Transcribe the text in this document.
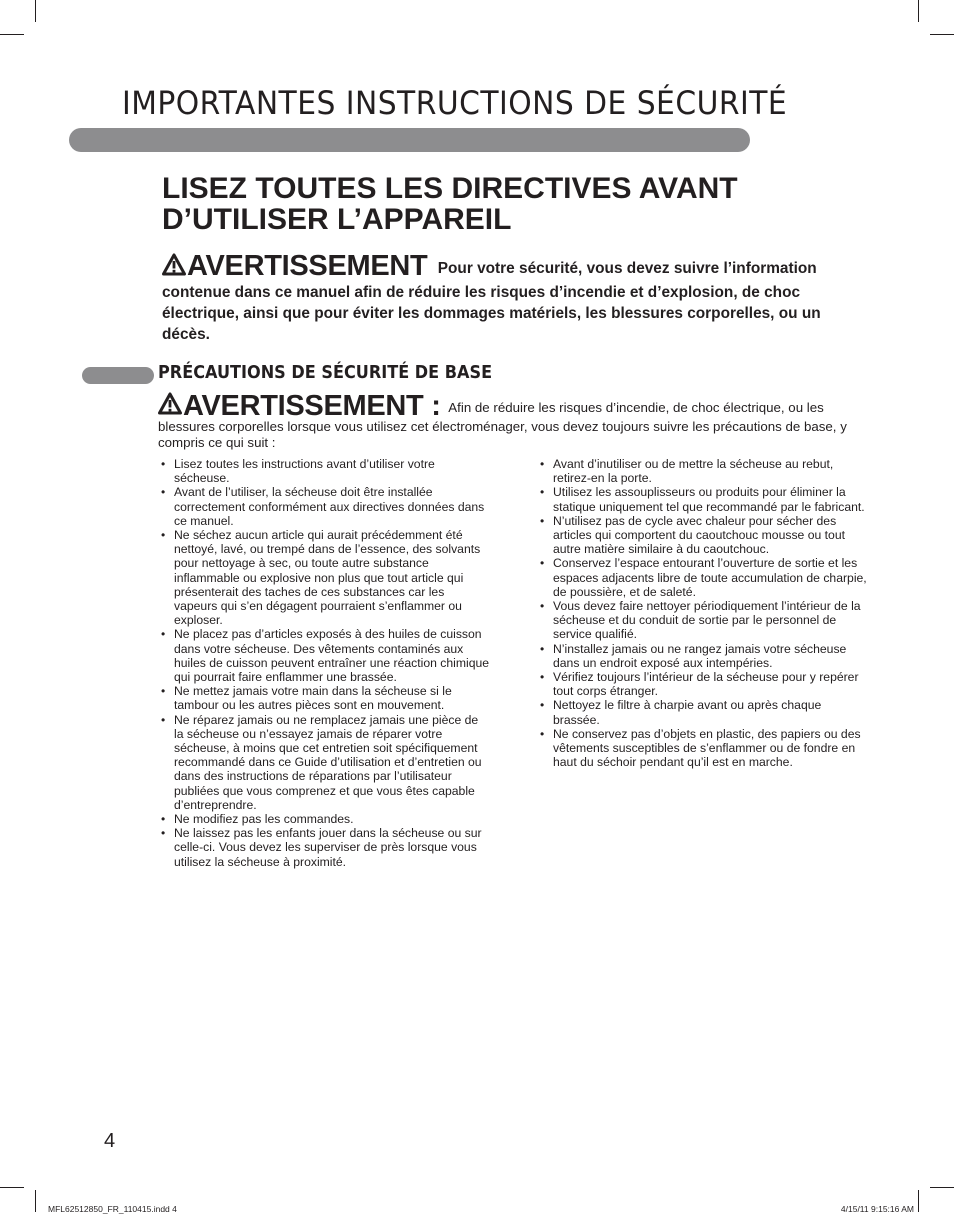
IMPORTANTES INSTRUCTIONS DE SÉCURITÉ
LISEZ TOUTES LES DIRECTIVES AVANT
D’UTILISER L’APPAREIL
AVERTISSEMENT Pour votre sécurité, vous devez suivre l’information contenue dans ce manuel afin de réduire les risques d’incendie et d’explosion, de choc électrique, ainsi que pour éviter les dommages matériels, les blessures corporelles, ou un décès.
PRÉCAUTIONS DE SÉCURITÉ DE BASE
AVERTISSEMENT : Afin de réduire les risques d’incendie, de choc électrique, ou les blessures corporelles lorsque vous utilisez cet électroménager, vous devez toujours suivre les précautions de base, y compris ce qui suit :
• Lisez toutes les instructions avant d’utiliser votre sécheuse.
• Avant de l’utiliser, la sécheuse doit être installée correctement conformément aux directives données dans ce manuel.
• Ne séchez aucun article qui aurait précédemment été nettoyé, lavé, ou trempé dans de l’essence, des solvants pour nettoyage à sec, ou toute autre substance inflammable ou explosive non plus que tout article qui présenterait des taches de ces substances car les vapeurs qui s’en dégagent pourraient s’enflammer ou exploser.
• Ne placez pas d’articles exposés à des huiles de cuisson dans votre sécheuse. Des vêtements contaminés aux huiles de cuisson peuvent entraîner une réaction chimique qui pourrait faire enflammer une brassée.
• Ne mettez jamais votre main dans la sécheuse si le tambour ou les autres pièces sont en mouvement.
• Ne réparez jamais ou ne remplacez jamais une pièce de la sécheuse ou n’essayez jamais de réparer votre sécheuse, à moins que cet entretien soit spécifiquement recommandé dans ce Guide d’utilisation et d’entretien ou dans des instructions de réparations par l’utilisateur publiées que vous comprenez et que vous êtes capable d’entreprendre.
• Ne modifiez pas les commandes.
• Ne laissez pas les enfants jouer dans la sécheuse ou sur celle-ci. Vous devez les superviser de près lorsque vous utilisez la sécheuse à proximité.
• Avant d’inutiliser ou de mettre la sécheuse au rebut, retirez-en la porte.
• Utilisez les assouplisseurs ou produits pour éliminer la statique uniquement tel que recommandé par le fabricant.
• N’utilisez pas de cycle avec chaleur pour sécher des articles qui comportent du caoutchouc mousse ou tout autre matière similaire à du caoutchouc.
• Conservez l’espace entourant l’ouverture de sortie et les espaces adjacents libre de toute accumulation de charpie, de poussière, et de saleté.
• Vous devez faire nettoyer périodiquement l’intérieur de la sécheuse et du conduit de sortie par le personnel de service qualifié.
• N’installez jamais ou ne rangez jamais votre sécheuse dans un endroit exposé aux intempéries.
• Vérifiez toujours l’intérieur de la sécheuse pour y repérer tout corps étranger.
• Nettoyez le filtre à charpie avant ou après chaque brassée.
• Ne conservez pas d’objets en plastic, des papiers ou des vêtements susceptibles de s’enflammer ou de fondre en haut du séchoir pendant qu’il est en marche.
4
MFL62512850_FR_110415.indd 4	4/15/11 9:15:16 AM
